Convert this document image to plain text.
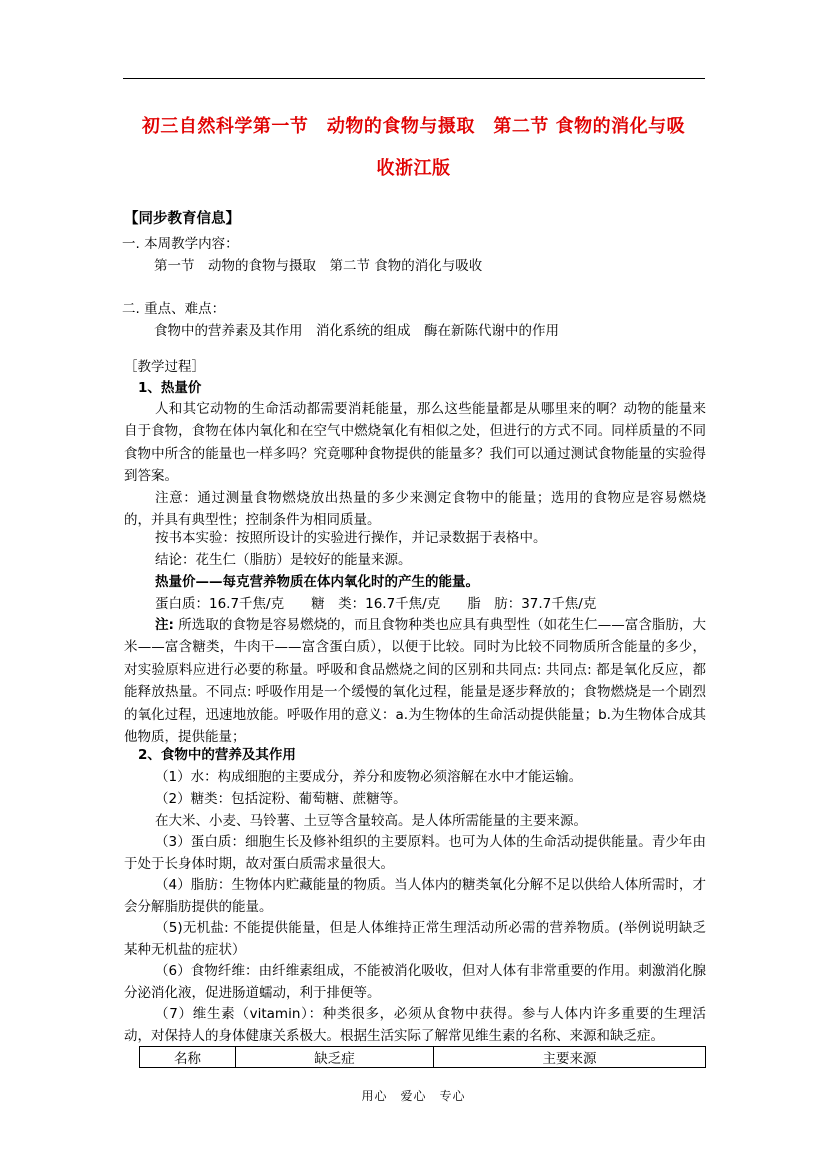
初三自然科学第一节　动物的食物与摄取　第二节 食物的消化与吸
收浙江版
【同步教育信息】
一. 本周教学内容：
第一节　动物的食物与摄取　第二节 食物的消化与吸收
二. 重点、难点：
食物中的营养素及其作用　消化系统的组成　酶在新陈代谢中的作用
［教学过程］
1、热量价
人和其它动物的生命活动都需要消耗能量，那么这些能量都是从哪里来的啊？动物的能量来自于食物，食物在体内氧化和在空气中燃烧氧化有相似之处，但进行的方式不同。同样质量的不同食物中所含的能量也一样多吗？究竟哪种食物提供的能量多？我们可以通过测试食物能量的实验得到答案。
注意：通过测量食物燃烧放出热量的多少来测定食物中的能量；选用的食物应是容易燃烧的，并具有典型性；控制条件为相同质量。
按书本实验：按照所设计的实验进行操作，并记录数据于表格中。
结论：花生仁（脂肪）是较好的能量来源。
热量价——每克营养物质在体内氧化时的产生的能量。
蛋白质：16.7千焦/克　　糖　类：16.7千焦/克　　脂　肪：37.7千焦/克
注: 所选取的食物是容易燃烧的，而且食物种类也应具有典型性（如花生仁——富含脂肪，大米——富含糖类，牛肉干——富含蛋白质），以便于比较。同时为比较不同物质所含能量的多少，对实验原料应进行必要的称量。呼吸和食品燃烧之间的区别和共同点: 共同点: 都是氧化反应，都能释放热量。不同点: 呼吸作用是一个缓慢的氧化过程，能量是逐步释放的；食物燃烧是一个剧烈的氧化过程，迅速地放能。呼吸作用的意义：a.为生物体的生命活动提供能量；b.为生物体合成其他物质，提供能量；
2、食物中的营养及其作用
（1）水：构成细胞的主要成分，养分和废物必须溶解在水中才能运输。
（2）糖类：包括淀粉、葡萄糖、蔗糖等。
在大米、小麦、马铃薯、土豆等含量较高。是人体所需能量的主要来源。
（3）蛋白质：细胞生长及修补组织的主要原料。也可为人体的生命活动提供能量。青少年由于处于长身体时期，故对蛋白质需求量很大。
（4）脂肪：生物体内贮藏能量的物质。当人体内的糖类氧化分解不足以供给人体所需时，才会分解脂肪提供的能量。
（5)无机盐: 不能提供能量，但是人体维持正常生理活动所必需的营养物质。(举例说明缺乏某种无机盐的症状）
（6）食物纤维：由纤维素组成，不能被消化吸收，但对人体有非常重要的作用。刺激消化腺分泌消化液，促进肠道蠕动，利于排便等。
（7）维生素（vitamin）：种类很多，必须从食物中获得。参与人体内许多重要的生理活动，对保持人的身体健康关系极大。根据生活实际了解常见维生素的名称、来源和缺乏症。
名称	缺乏症	主要来源
用心　爱心　专心
